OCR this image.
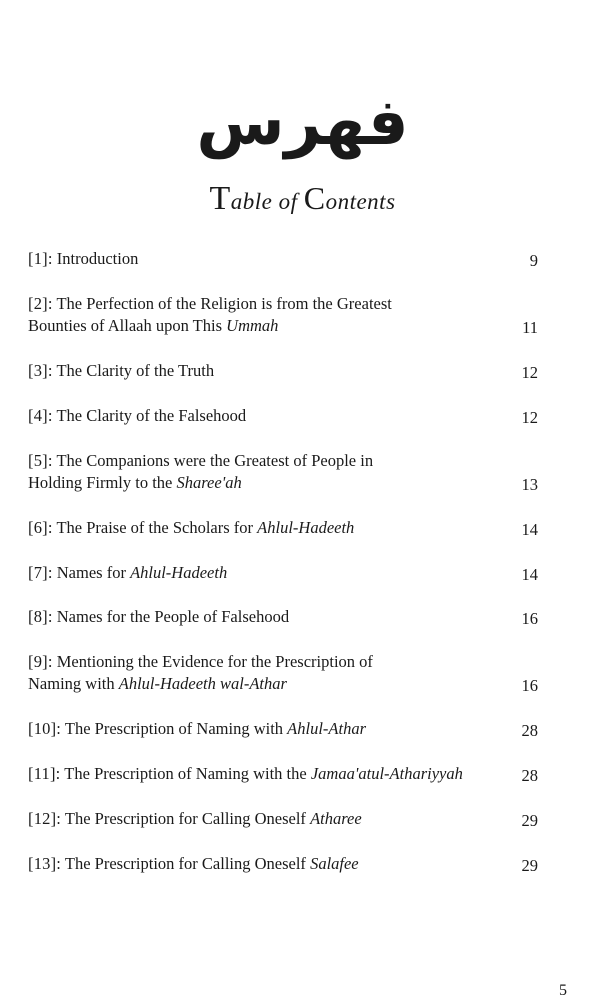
فهرس
Table of Contents
[1]: Introduction	9
[2]: The Perfection of the Religion is from the Greatest
Bounties of Allaah upon This Ummah	11
[3]: The Clarity of the Truth	12
[4]: The Clarity of the Falsehood	12
[5]: The Companions were the Greatest of People in
Holding Firmly to the Sharee'ah	13
[6]: The Praise of the Scholars for Ahlul-Hadeeth	14
[7]: Names for Ahlul-Hadeeth	14
[8]: Names for the People of Falsehood	16
[9]: Mentioning the Evidence for the Prescription of
Naming with Ahlul-Hadeeth wal-Athar	16
[10]: The Prescription of Naming with Ahlul-Athar	28
[11]: The Prescription of Naming with the Jamaa'atul-Athariyyah	28
[12]: The Prescription for Calling Oneself Atharee	29
[13]: The Prescription for Calling Oneself Salafee	29
5
